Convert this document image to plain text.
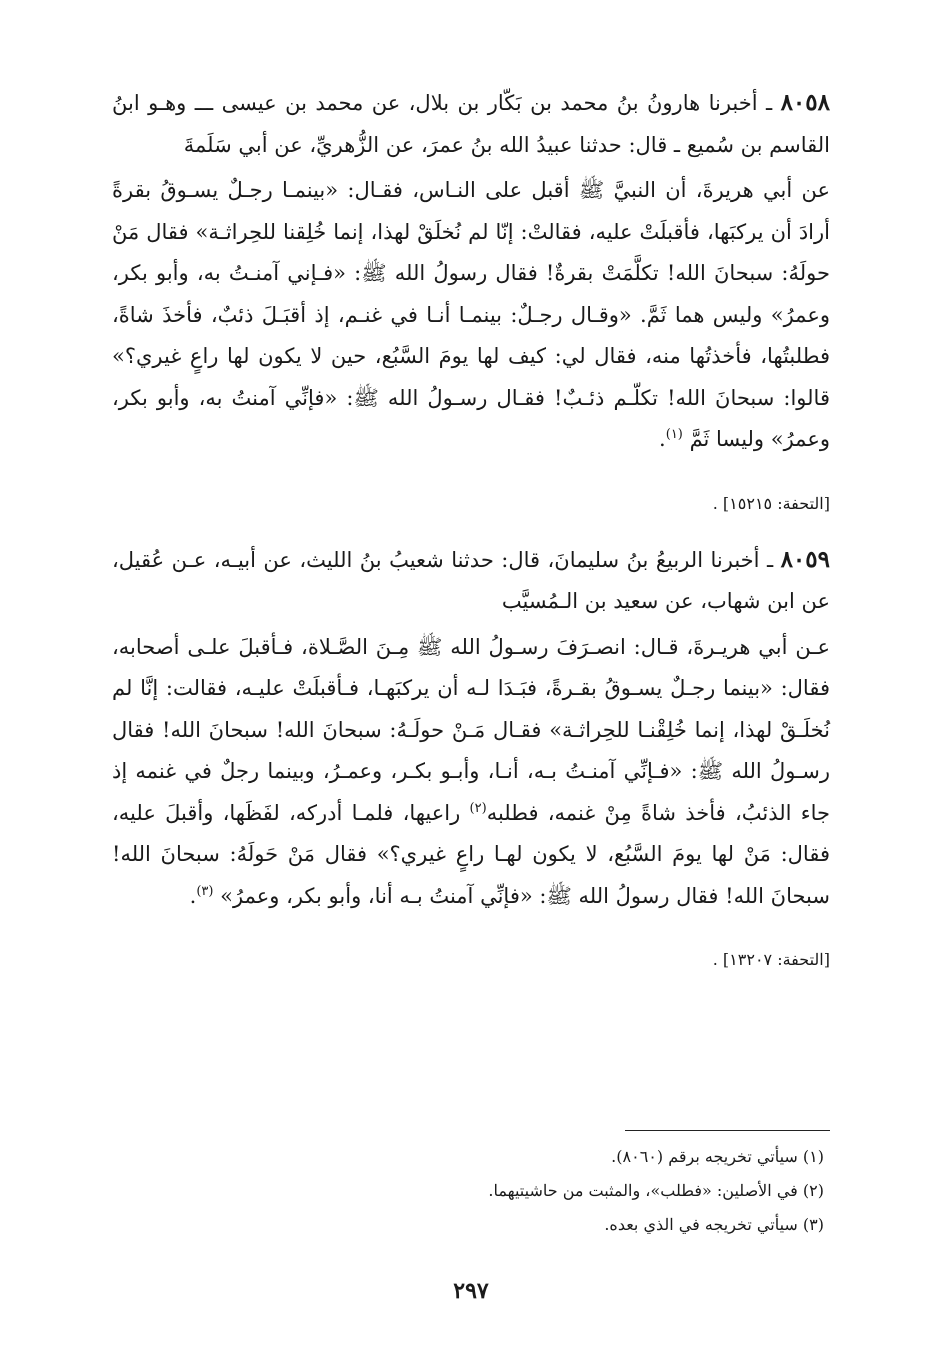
٨٠٥٨ ـ أخبرنا هارونُ بنُ محمد بن بَكّار بن بلال، عن محمد بن عيسى ـــ وهـو ابنُ القاسم بن سُميع ـ قال: حدثنا عبيدُ الله بنُ عمرَ، عن الزُّهريِّ، عن أبي سَلَمةَ

عن أبي هريرةَ، أن النبيَّ ﷺ أقبل على النـاس، فقـال: «بينمـا رجـلٌ يسـوقُ بقرةً أرادَ أن يركبَها، فأقبلَتْ عليه، فقالتْ: إنّا لم نُخلَقْ لهذا، إنما خُلِقنا للحِراثـة» فقال مَنْ حولَهُ: سبحانَ الله! تكلَّمَتْ بقرةٌ! فقال رسولُ الله ﷺ: «فـإني آمنـتُ به، وأبو بكر، وعمرُ» وليس هما ثَمَّ. «وقـال رجـلٌ: بينمـا أنـا في غنـم، إذ أقبَـلَ ذئبٌ، فأخذَ شاةً، فطلبتُها، فأخذتُها منه، فقال لي: كيف لها يومَ السَّبُع، حين لا يكون لها راعٍ غيري؟» قالوا: سبحانَ الله! تكلّـم ذئـبٌ! فقـال رسـولُ الله ﷺ: «فإنِّي آمنتُ به، وأبو بكر، وعمرُ» وليسا ثَمَّ $^{(١)}$.

[التحفة: ١٥٢١٥] .

٨٠٥٩ ـ أخبرنا الربيعُ بنُ سليمانَ، قال: حدثنا شعيبُ بنُ الليث، عن أبيـه، عـن عُقيل، عن ابن شهاب، عن سعيد بن الـمُسيَّب

عـن أبي هريـرةَ، قـال: انصـرَفَ رسـولُ الله ﷺ مِـنَ الصَّـلاة، فـأقبلَ علـى أصحابه، فقال: «بينما رجـلٌ يسـوقُ بقـرةً، فبَـدَا لـه أن يركبَهـا، فـأقبلَتْ عليـه، فقالت: إنَّا لم نُخلَـقْ لهذا، إنما خُلِقْنـا للحِراثـة» فقـال مَـنْ حولَـهُ: سبحانَ الله! سبحانَ الله! فقال رسـولُ الله ﷺ: «فـإنِّي آمنـتُ بـه، أنـا، وأبـو بكـر، وعمـرُ، وبينما رجلٌ في غنمه إذ جاء الذئبُ، فأخذ شاةً مِنْ غنمه، فطلبه$^{(٢)}$ راعيها، فلمـا أدركه، لفَظَها، وأقبلَ عليه، فقال: مَنْ لها يومَ السَّبُع، لا يكون لهـا راعٍ غيري؟» فقال مَنْ حَولَهُ: سبحانَ الله! سبحانَ الله! فقال رسولُ الله ﷺ: «فإنِّي آمنتُ بـه أنا، وأبو بكر، وعمرُ» $^{(٣)}$.

[التحفة: ١٣٢٠٧] .

(١) سيأتي تخريجه برقم (٨٠٦٠).

(٢) في الأصلين: «فطلب»، والمثبت من حاشيتيهما.

(٣) سيأتي تخريجه في الذي بعده.

٢٩٧
